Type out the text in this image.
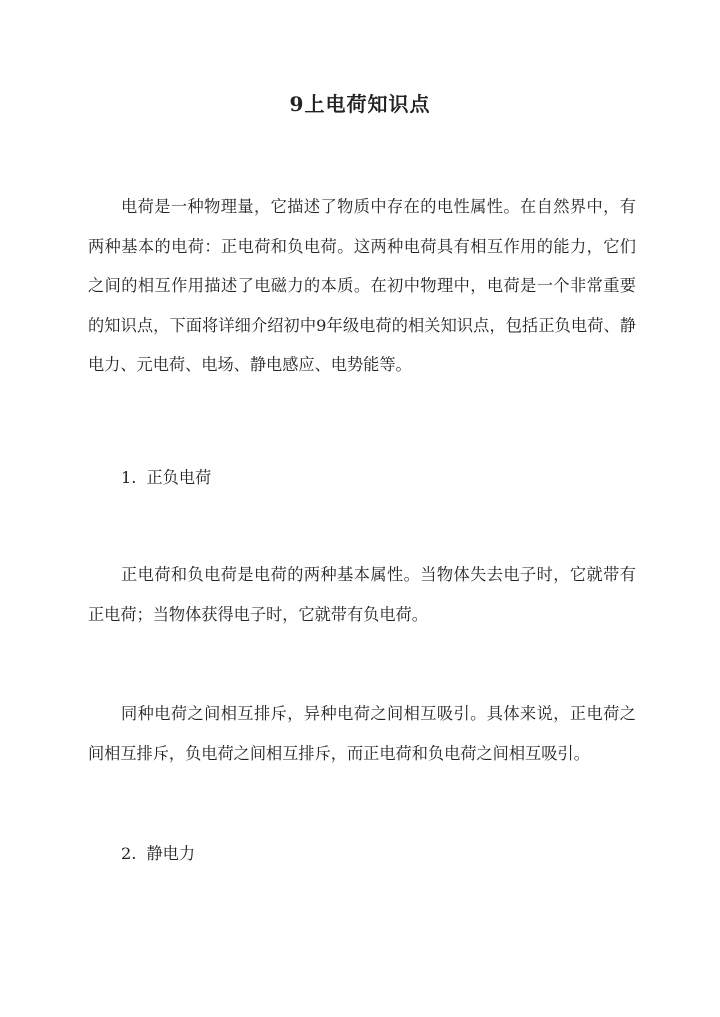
9上电荷知识点

电荷是一种物理量，它描述了物质中存在的电性属性。在自然界中，有两种基本的电荷：正电荷和负电荷。这两种电荷具有相互作用的能力，它们之间的相互作用描述了电磁力的本质。在初中物理中，电荷是一个非常重要的知识点，下面将详细介绍初中9年级电荷的相关知识点，包括正负电荷、静电力、元电荷、电场、静电感应、电势能等。

1. 正负电荷

正电荷和负电荷是电荷的两种基本属性。当物体失去电子时，它就带有正电荷；当物体获得电子时，它就带有负电荷。

同种电荷之间相互排斥，异种电荷之间相互吸引。具体来说，正电荷之间相互排斥，负电荷之间相互排斥，而正电荷和负电荷之间相互吸引。

2. 静电力
